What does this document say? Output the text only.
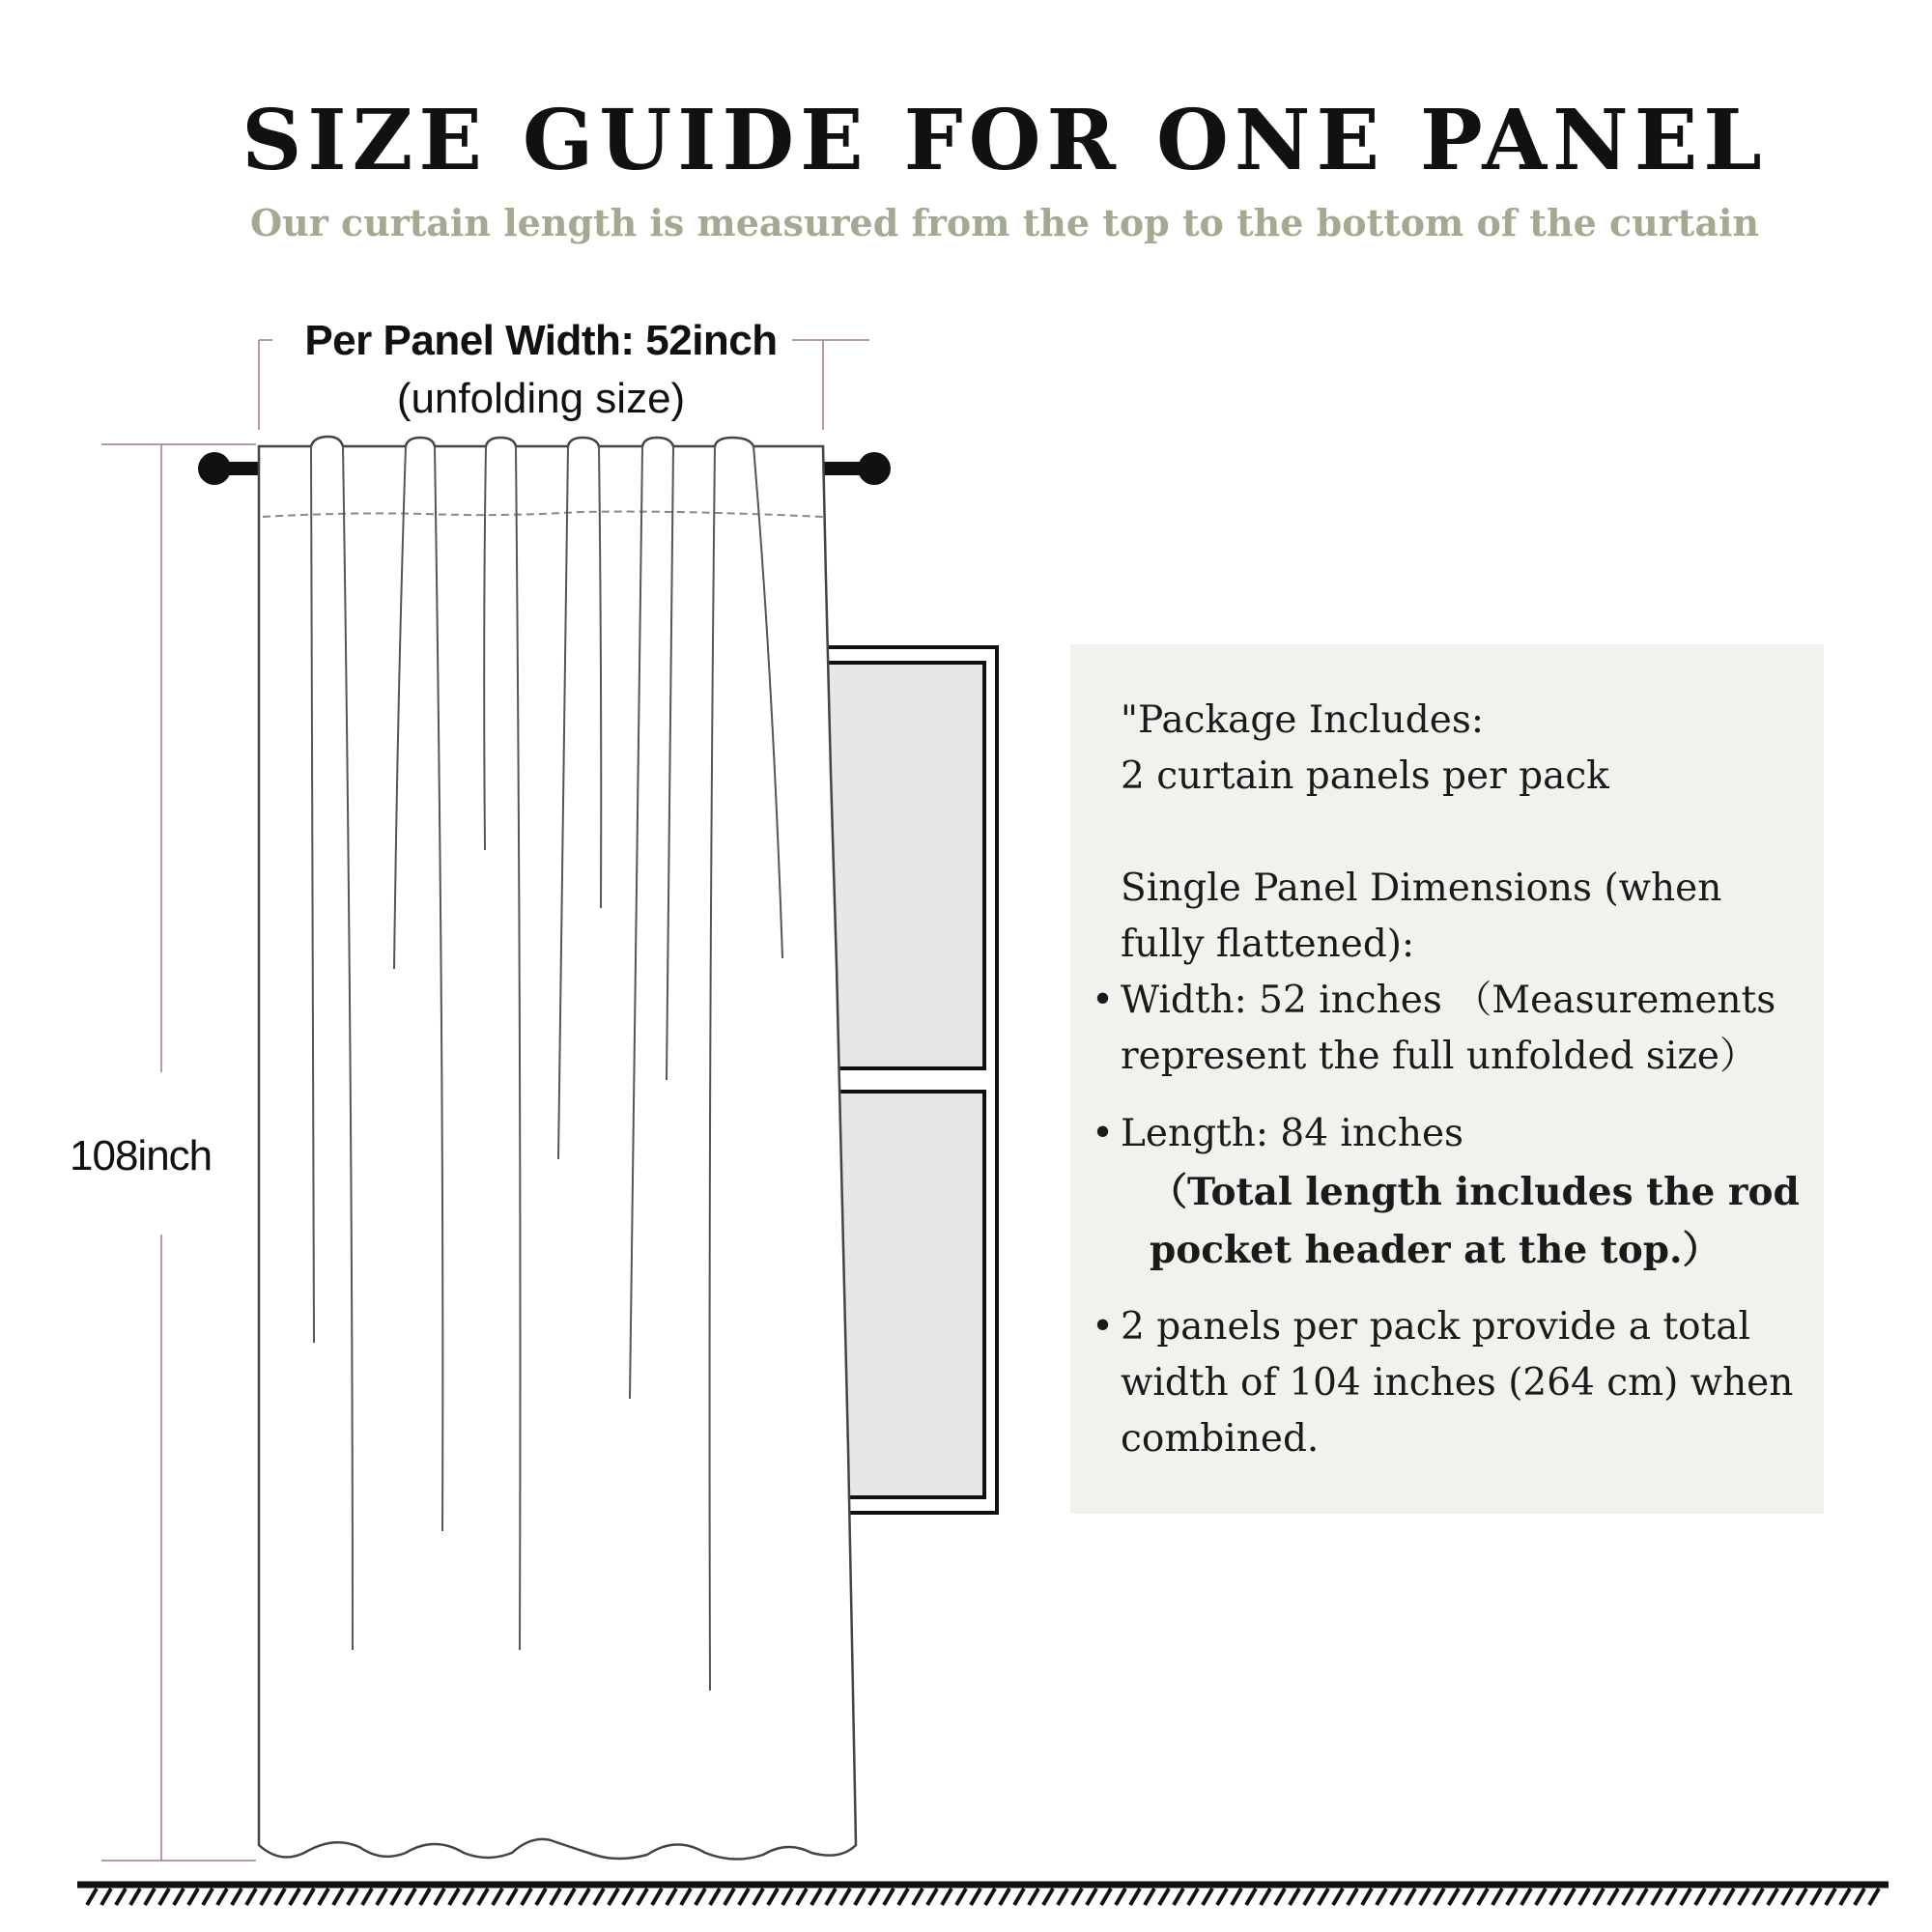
SIZE GUIDE FOR ONE PANEL
Our curtain length is measured from the top to the bottom of the curtain
Per Panel Width: 52inch
(unfolding size)
108inch

"Package Includes:

2 curtain panels per pack

Single Panel Dimensions (when

fully flattened):

• Width: 52 inches （Measurements

represent the full unfolded size）

• Length: 84 inches

（Total length includes the rod

pocket header at the top.）

• 2 panels per pack provide a total

width of 104 inches (264 cm) when

combined.
